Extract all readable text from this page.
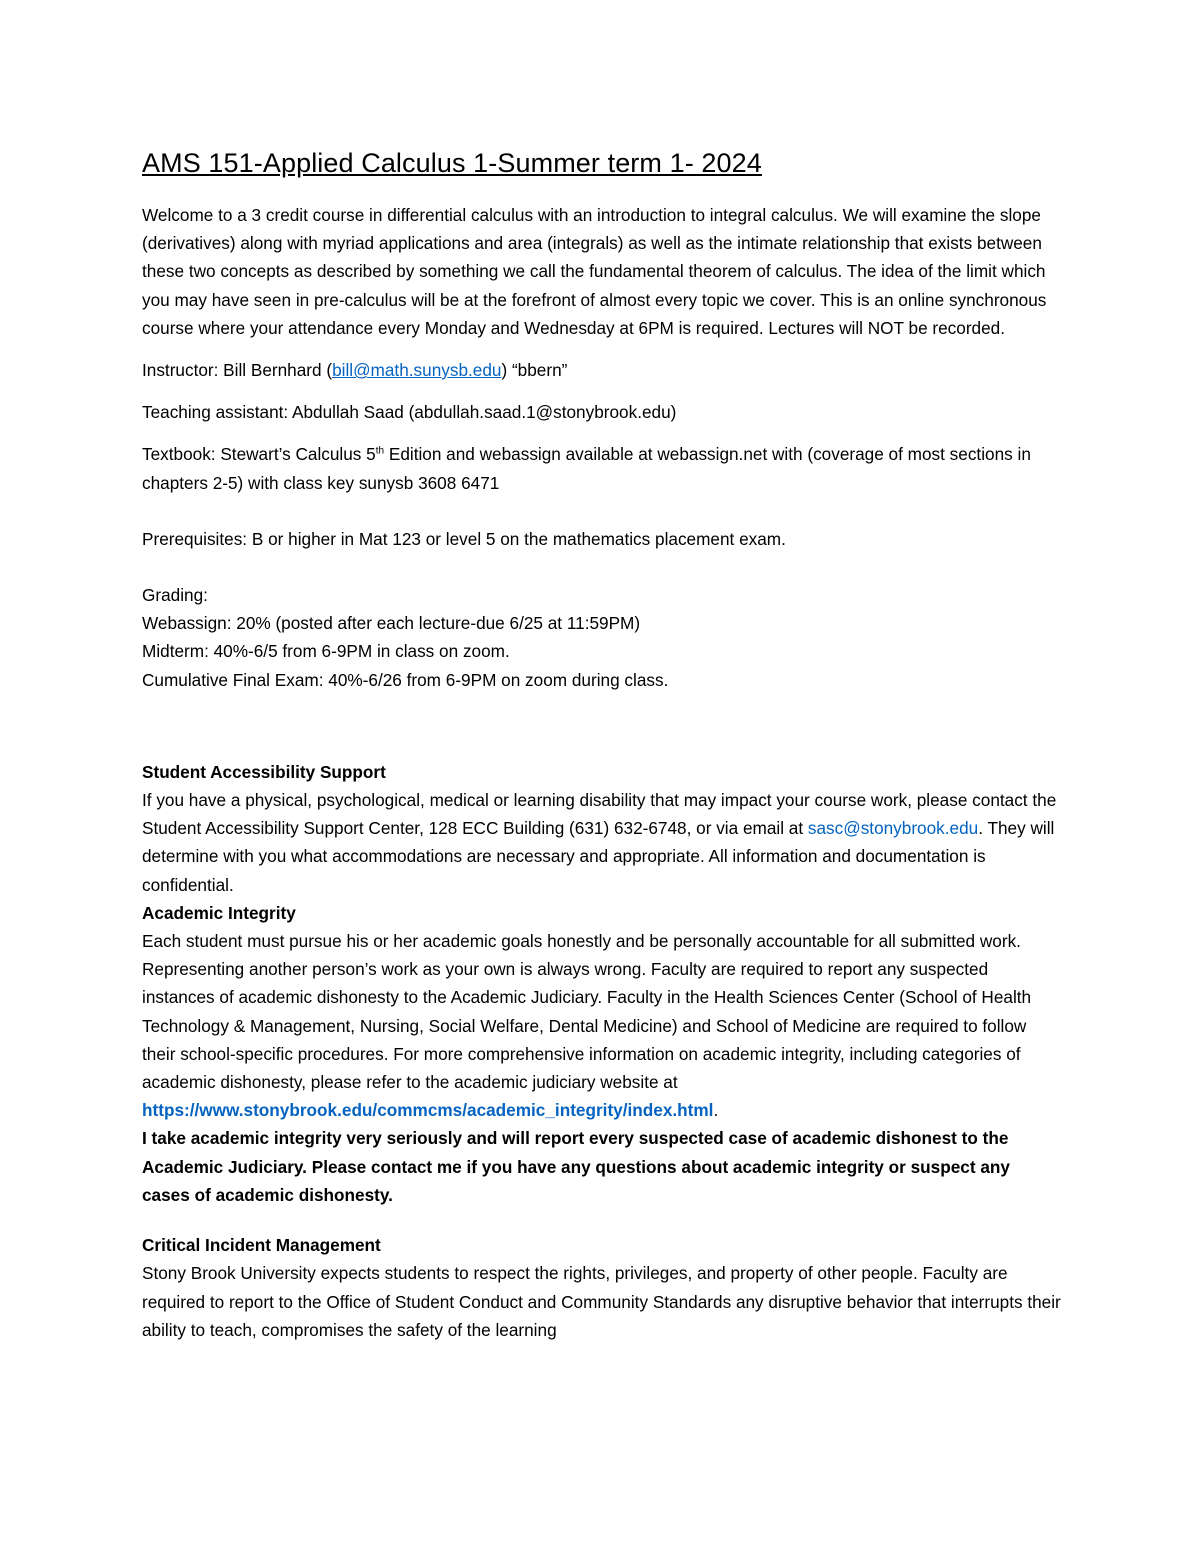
AMS 151-Applied Calculus 1-Summer term 1- 2024

Welcome to a 3 credit course in differential calculus with an introduction to integral calculus. We will examine the slope (derivatives) along with myriad applications and area (integrals) as well as the intimate relationship that exists between these two concepts as described by something we call the fundamental theorem of calculus. The idea of the limit which you may have seen in pre-calculus will be at the forefront of almost every topic we cover. This is an online synchronous course where your attendance every Monday and Wednesday at 6PM is required. Lectures will NOT be recorded.

Instructor: Bill Bernhard (bill@math.sunysb.edu) “bbern”

Teaching assistant: Abdullah Saad (abdullah.saad.1@stonybrook.edu)

Textbook: Stewart’s Calculus 5th Edition and webassign available at webassign.net with (coverage of most sections in chapters 2-5) with class key sunysb 3608 6471

Prerequisites: B or higher in Mat 123 or level 5 on the mathematics placement exam.

Grading:

Webassign: 20% (posted after each lecture-due 6/25 at 11:59PM)

Midterm: 40%-6/5 from 6-9PM in class on zoom.

Cumulative Final Exam: 40%-6/26 from 6-9PM on zoom during class.

Student Accessibility Support

If you have a physical, psychological, medical or learning disability that may impact your course work, please contact the Student Accessibility Support Center, 128 ECC Building (631) 632-6748, or via email at sasc@stonybrook.edu. They will determine with you what accommodations are necessary and appropriate. All information and documentation is confidential.

Academic Integrity

Each student must pursue his or her academic goals honestly and be personally accountable for all submitted work. Representing another person’s work as your own is always wrong. Faculty are required to report any suspected instances of academic dishonesty to the Academic Judiciary. Faculty in the Health Sciences Center (School of Health Technology & Management, Nursing, Social Welfare, Dental Medicine) and School of Medicine are required to follow their school-specific procedures. For more comprehensive information on academic integrity, including categories of academic dishonesty, please refer to the academic judiciary website at

https://www.stonybrook.edu/commcms/academic_integrity/index.html.

I take academic integrity very seriously and will report every suspected case of academic dishonest to the Academic Judiciary. Please contact me if you have any questions about academic integrity or suspect any cases of academic dishonesty.

Critical Incident Management

Stony Brook University expects students to respect the rights, privileges, and property of other people. Faculty are required to report to the Office of Student Conduct and Community Standards any disruptive behavior that interrupts their ability to teach, compromises the safety of the learning
